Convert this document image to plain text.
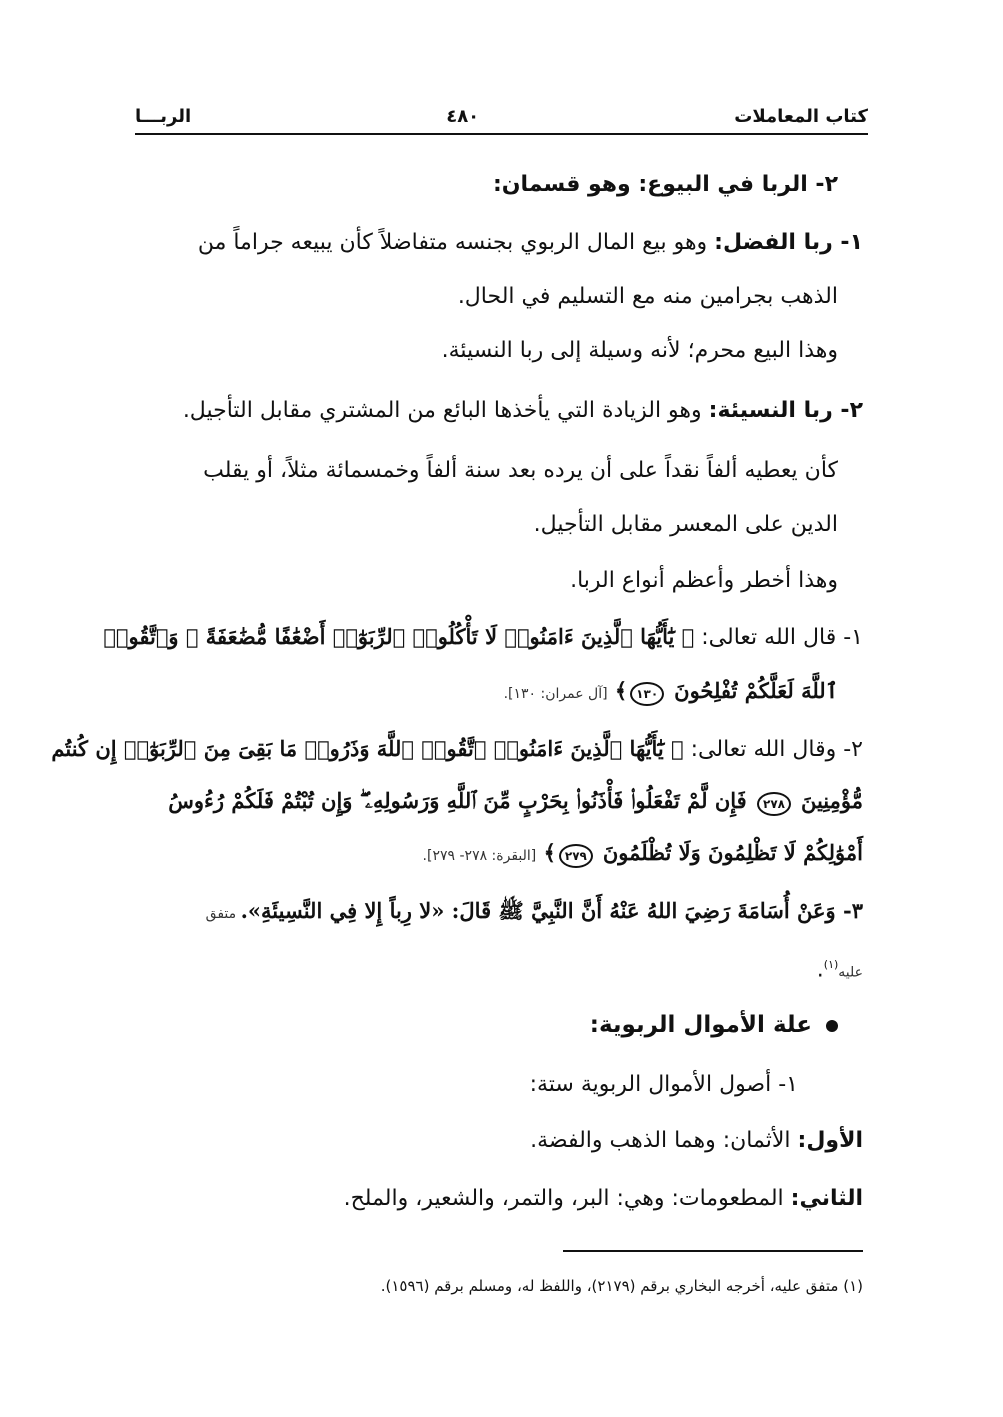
كتاب المعاملات
٤٨٠
الربـــا

٢- الربا في البيوع: وهو قسمان:

١- ربا الفضل: وهو بيع المال الربوي بجنسه متفاضلاً كأن يبيعه جراماً من

الذهب بجرامين منه مع التسليم في الحال.

وهذا البيع محرم؛ لأنه وسيلة إلى ربا النسيئة.

٢- ربا النسيئة: وهو الزيادة التي يأخذها البائع من المشتري مقابل التأجيل.

كأن يعطيه ألفاً نقداً على أن يرده بعد سنة ألفاً وخمسمائة مثلاً، أو يقلب

الدين على المعسر مقابل التأجيل.

وهذا أخطر وأعظم أنواع الربا.

١- قال الله تعالى: ﴿ يَٰٓأَيُّهَا ٱلَّذِينَ ءَامَنُوا۟ لَا تَأْكُلُوا۟ ٱلرِّبَوٰٓا۟ أَضْعَٰفًا مُّضَٰعَفَةً ۖ وَٱتَّقُوا۟

ٱللَّهَ لَعَلَّكُمْ تُفْلِحُونَ ١٣٠﴾ [آل عمران: ١٣٠].

٢- وقال الله تعالى: ﴿ يَٰٓأَيُّهَا ٱلَّذِينَ ءَامَنُوا۟ ٱتَّقُوا۟ ٱللَّهَ وَذَرُوا۟ مَا بَقِىَ مِنَ ٱلرِّبَوٰٓا۟ إِن كُنتُم

مُّؤْمِنِينَ ٢٧٨ فَإِن لَّمْ تَفْعَلُوا۟ فَأْذَنُوا۟ بِحَرْبٍ مِّنَ ٱللَّهِ وَرَسُولِهِۦ ۖ وَإِن تُبْتُمْ فَلَكُمْ رُءُوسُ

أَمْوَٰلِكُمْ لَا تَظْلِمُونَ وَلَا تُظْلَمُونَ ٢٧٩﴾ [البقرة: ٢٧٨- ٢٧٩].

٣- وَعَنْ أُسَامَةَ رَضِيَ اللهُ عَنْهُ أَنَّ النَّبِيَّ ﷺ قَالَ: «لا رِباً إِلا فِي النَّسِيئَةِ». متفق

عليه$^{(١)}$.

علة الأموال الربوية:

١- أصول الأموال الربوية ستة:

الأول: الأثمان: وهما الذهب والفضة.

الثاني: المطعومات: وهي: البر، والتمر، والشعير، والملح.

(١) متفق عليه، أخرجه البخاري برقم (٢١٧٩)، واللفظ له، ومسلم برقم (١٥٩٦).
